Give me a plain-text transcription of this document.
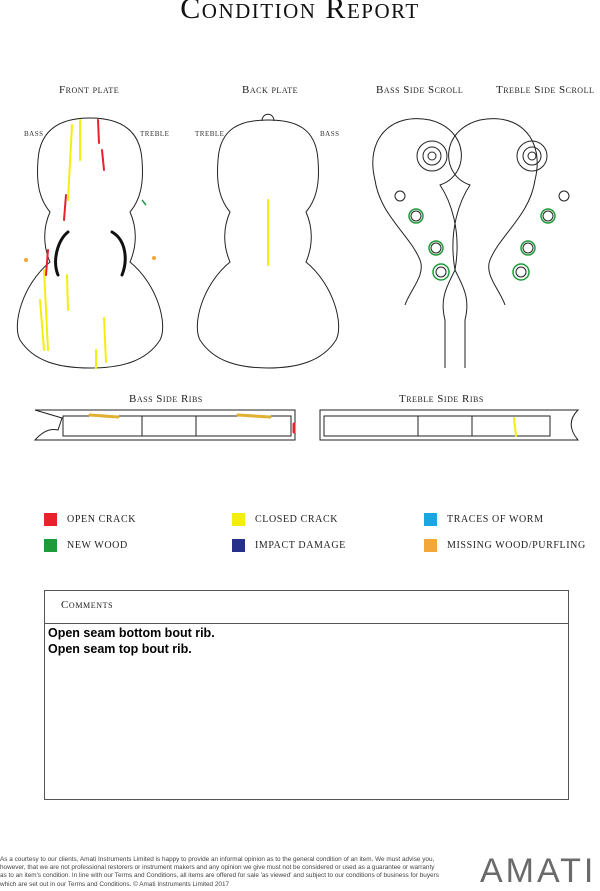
Condition Report
Front plate	Back plate	Bass Side Scroll	Treble Side Scroll
Bass Side Ribs	Treble Side Ribs
BASS	TREBLE	TREBLE	BASS
OPEN CRACK	CLOSED CRACK	TRACES OF WORM
NEW WOOD	IMPACT DAMAGE	MISSING WOOD/PURFLING
Comments
Open seam bottom bout rib.
Open seam top bout rib.
As a courtesy to our clients, Amati Instruments Limited is happy to provide an informal opinion as to the general condition of an item. We must advise you, however, that we are not professional restorers or instrument makers and any opinion we give must not be considered or used as a guarantee or warranty as to an item's condition. In line with our Terms and Conditions, all items are offered for sale 'as viewed' and subject to our conditions of business for buyers which are set out in our Terms and Conditions. © Amati Instruments Limited 2017	AMATI
